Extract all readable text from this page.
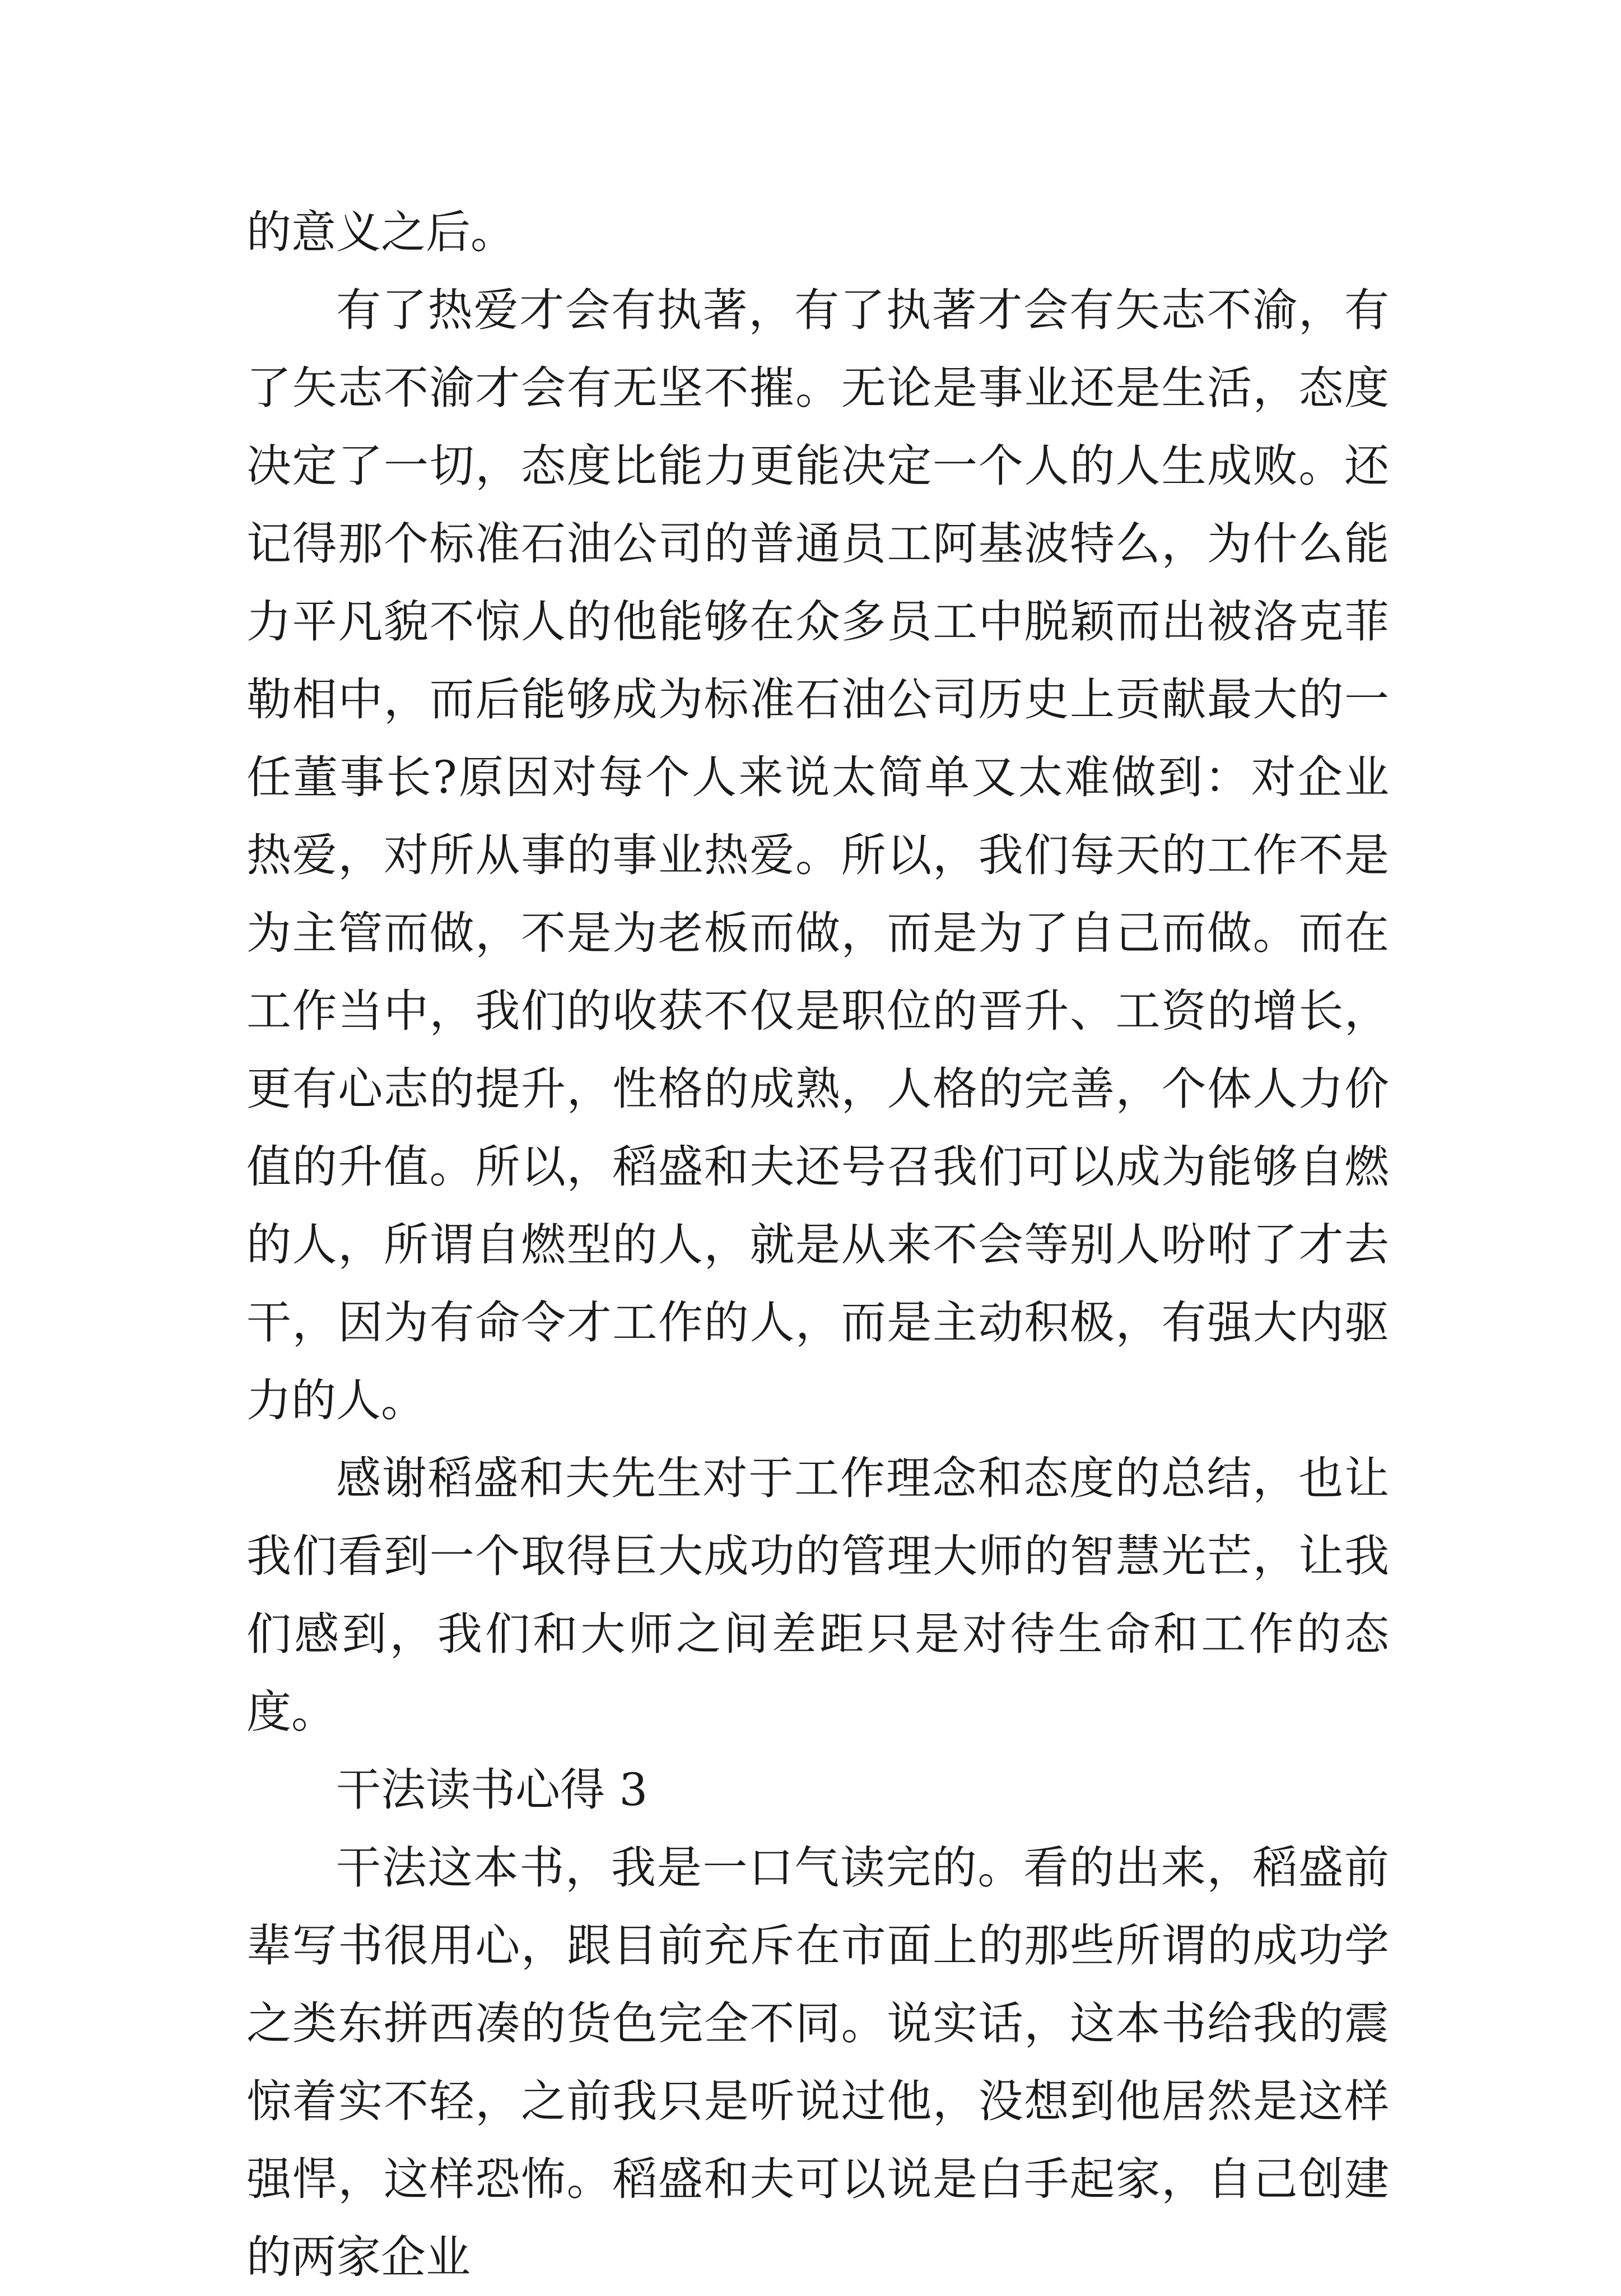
的意义之后。

有了热爱才会有执著，有了执著才会有矢志不渝，有了矢志不渝才会有无坚不摧。无论是事业还是生活，态度决定了一切，态度比能力更能决定一个人的人生成败。还记得那个标准石油公司的普通员工阿基波特么，为什么能力平凡貌不惊人的他能够在众多员工中脱颖而出被洛克菲勒相中，而后能够成为标准石油公司历史上贡献最大的一任董事长?原因对每个人来说太简单又太难做到：对企业热爱，对所从事的事业热爱。所以，我们每天的工作不是为主管而做，不是为老板而做，而是为了自己而做。而在工作当中，我们的收获不仅是职位的晋升、工资的增长，更有心志的提升，性格的成熟，人格的完善，个体人力价值的升值。所以，稻盛和夫还号召我们可以成为能够自燃的人，所谓自燃型的人，就是从来不会等别人吩咐了才去干，因为有命令才工作的人，而是主动积极，有强大内驱力的人。

感谢稻盛和夫先生对于工作理念和态度的总结，也让我们看到一个取得巨大成功的管理大师的智慧光芒，让我们感到，我们和大师之间差距只是对待生命和工作的态度。

干法读书心得 3

干法这本书，我是一口气读完的。看的出来，稻盛前辈写书很用心，跟目前充斥在市面上的那些所谓的成功学之类东拼西凑的货色完全不同。说实话，这本书给我的震惊着实不轻，之前我只是听说过他，没想到他居然是这样强悍，这样恐怖。稻盛和夫可以说是白手起家，自己创建的两家企业
